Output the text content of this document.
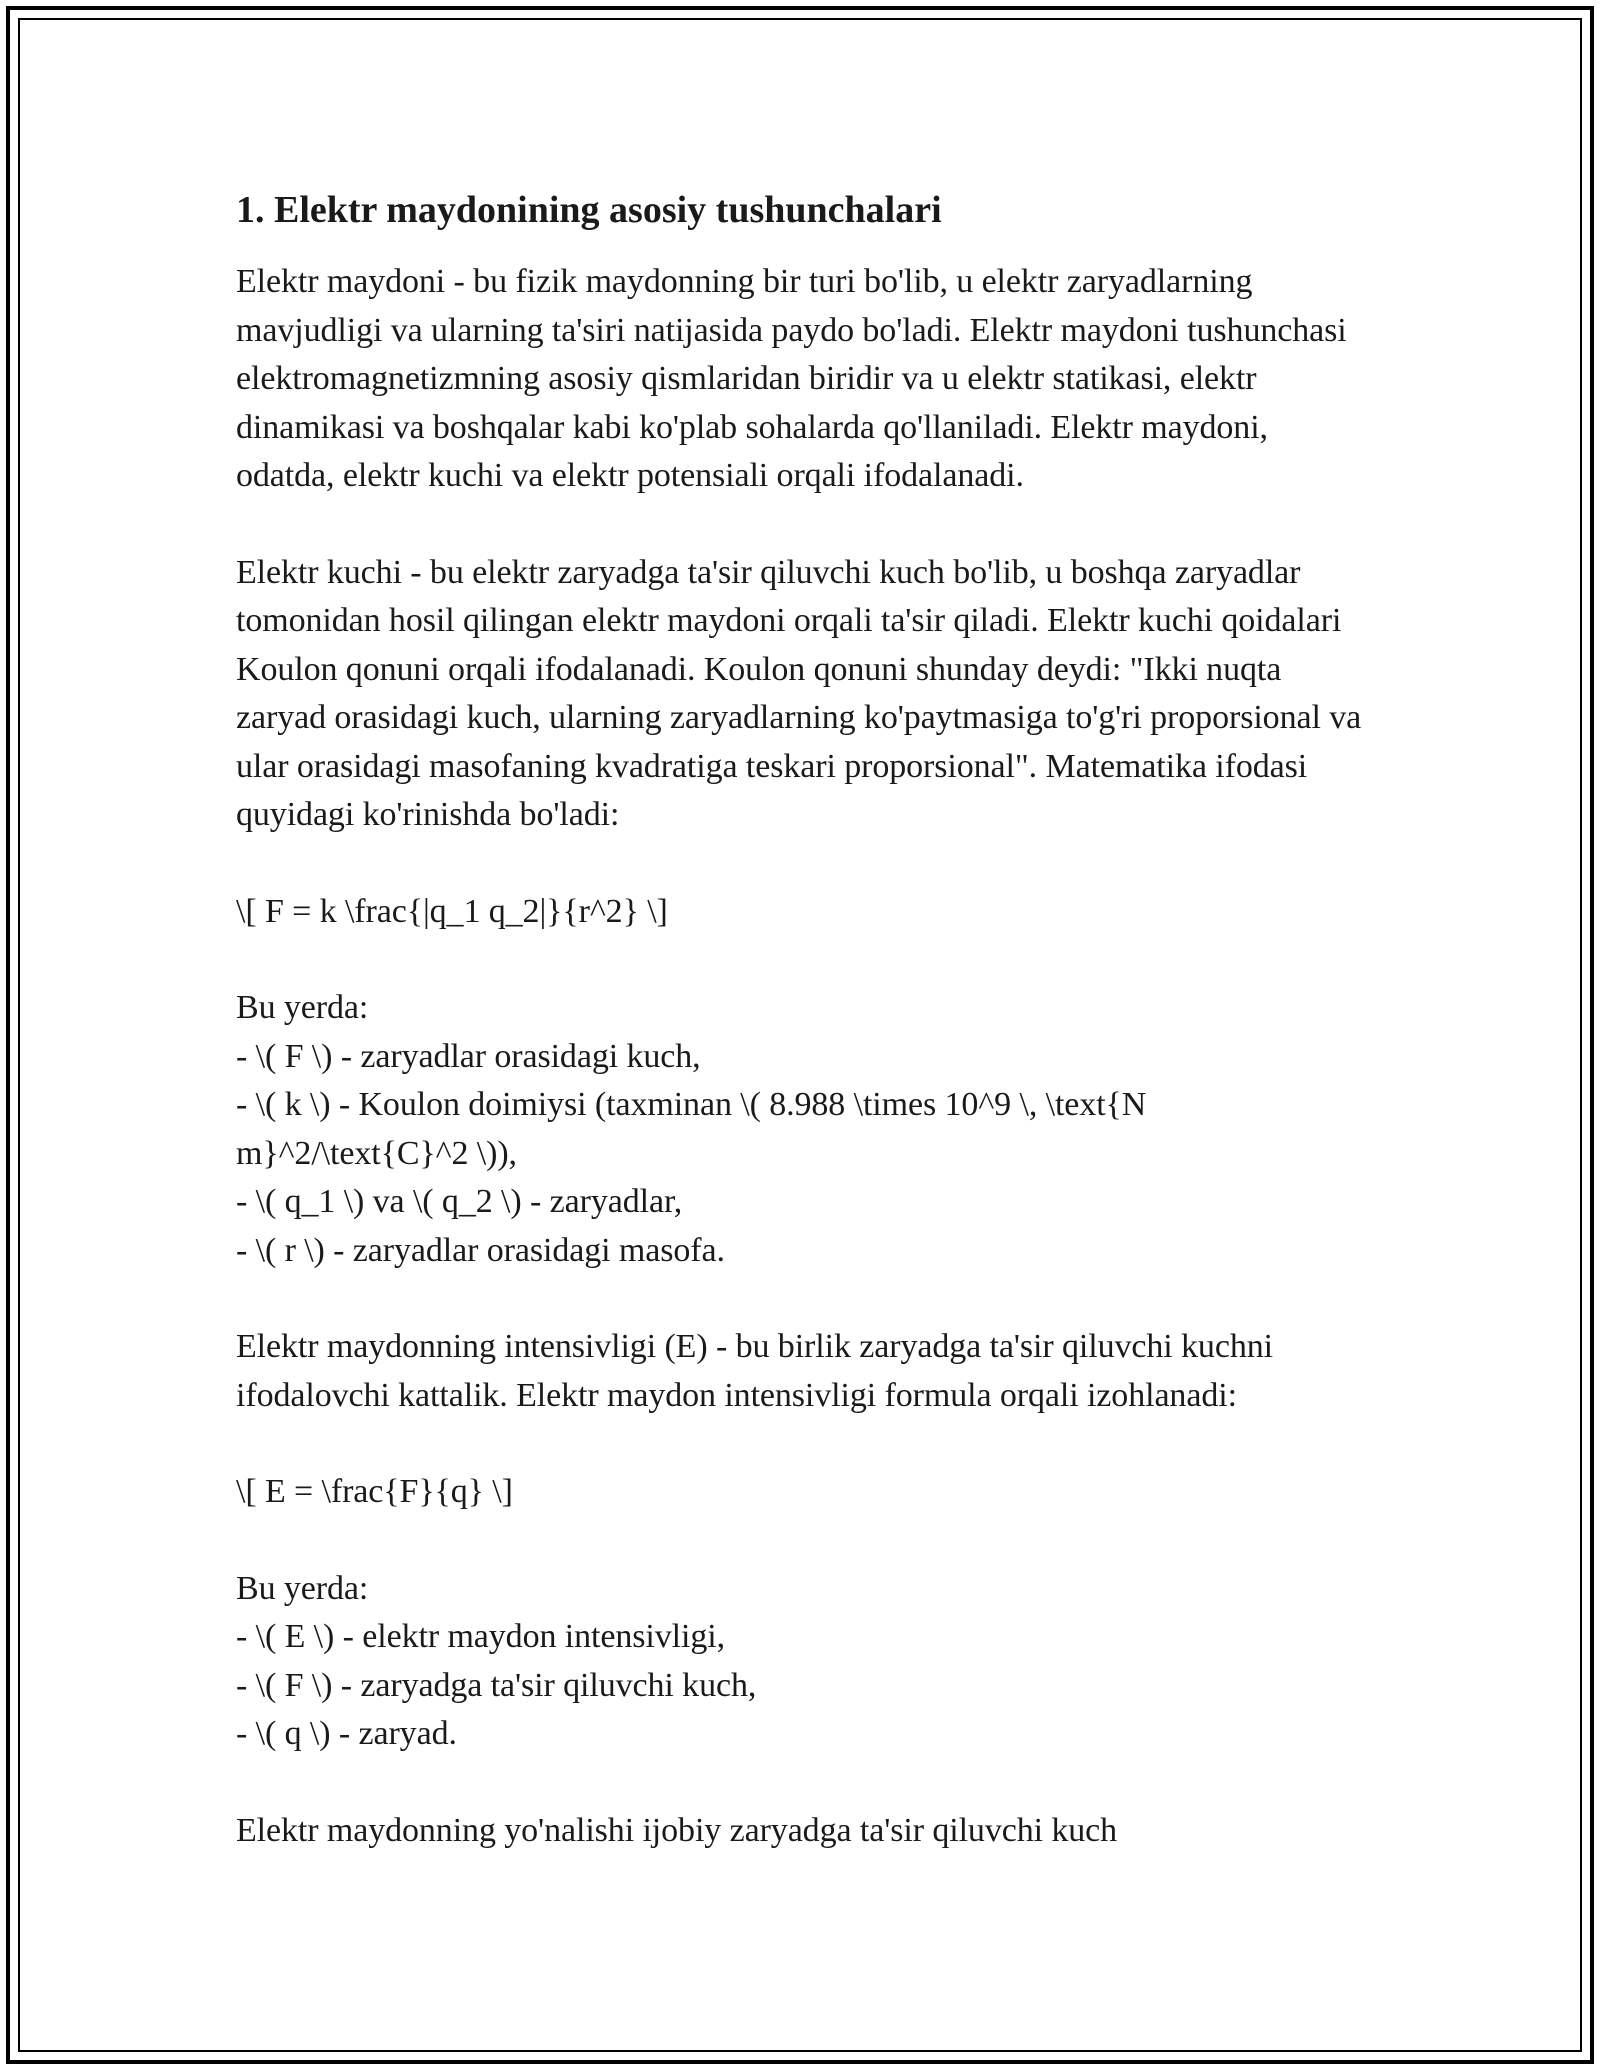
1. Elektr maydonining asosiy tushunchalari

Elektr maydoni - bu fizik maydonning bir turi bo'lib, u elektr zaryadlarning mavjudligi va ularning ta'siri natijasida paydo bo'ladi. Elektr maydoni tushunchasi elektromagnetizmning asosiy qismlaridan biridir va u elektr statikasi, elektr dinamikasi va boshqalar kabi ko'plab sohalarda qo'llaniladi. Elektr maydoni, odatda, elektr kuchi va elektr potensiali orqali ifodalanadi.

Elektr kuchi - bu elektr zaryadga ta'sir qiluvchi kuch bo'lib, u boshqa zaryadlar tomonidan hosil qilingan elektr maydoni orqali ta'sir qiladi. Elektr kuchi qoidalari Koulon qonuni orqali ifodalanadi. Koulon qonuni shunday deydi: "Ikki nuqta zaryad orasidagi kuch, ularning zaryadlarning ko'paytmasiga to'g'ri proporsional va ular orasidagi masofaning kvadratiga teskari proporsional". Matematika ifodasi quyidagi ko'rinishda bo'ladi:

\[ F = k \frac{|q_1 q_2|}{r^2} \]

Bu yerda:
- \( F \) - zaryadlar orasidagi kuch,
- \( k \) - Koulon doimiysi (taxminan \( 8.988 \times 10^9 \, \text{N m}^2/\text{C}^2 \)),
- \( q_1 \) va \( q_2 \) - zaryadlar,
- \( r \) - zaryadlar orasidagi masofa.

Elektr maydonning intensivligi (E) - bu birlik zaryadga ta'sir qiluvchi kuchni ifodalovchi kattalik. Elektr maydon intensivligi formula orqali izohlanadi:

\[ E = \frac{F}{q} \]

Bu yerda:
- \( E \) - elektr maydon intensivligi,
- \( F \) - zaryadga ta'sir qiluvchi kuch,
- \( q \) - zaryad.

Elektr maydonning yo'nalishi ijobiy zaryadga ta'sir qiluvchi kuch
